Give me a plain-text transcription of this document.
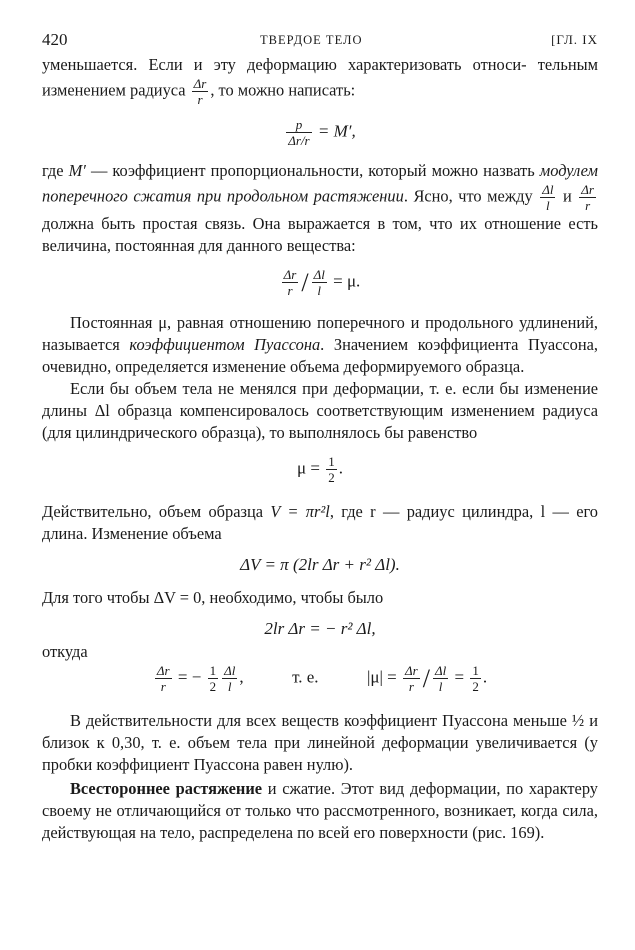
420	ТВЕРДОЕ ТЕЛО	[ГЛ. IX

уменьшается. Если и эту деформацию характеризовать относи- тельным изменением радиуса $\frac{\Delta r}{r}$ , то можно написать:

$\frac{p}{\Delta r/r} = M'$,

где M′ — коэффициент пропорциональности, который можно назвать модулем поперечного сжатия при продольном растяжении. Ясно, что между $\frac{\Delta l}{l}$ и $\frac{\Delta r}{r}$
должна быть простая связь. Она выражается в том, что их отношение есть величина, постоянная для данного вещества:

$\frac{\Delta r}{r} / \frac{\Delta l}{l} = \mu$.

Постоянная μ, равная отношению поперечного и продольного удлинений, называется коэффициентом Пуассона. Значением коэффициента Пуассона, очевидно, определяется изменение объема деформируемого образца.

Если бы объем тела не менялся при деформации, т. е. если бы изменение длины Δl образца компенсировалось соответствующим изменением радиуса (для цилиндрического образца), то выполнялось бы равенство

$\mu = \frac{1}{2}$ .

Действительно, объем образца V = πr²l, где r — радиус цилиндра, l — его длина. Изменение объема

ΔV = π (2lr Δr + r² Δl).

Для того чтобы ΔV = 0, необходимо, чтобы было

2lr Δr = − r² Δl,

откуда

$\frac{\Delta r}{r}$ = − $\frac{1}{2} \frac{\Delta l}{l}$ ,	т. е.	$|\mu| = \frac{\Delta r}{r} / \frac{\Delta l}{l} = \frac{1}{2}$ .

В действительности для всех веществ коэффициент Пуассона меньше ½ и близок к 0,30, т. е. объем тела при линейной деформации увеличивается (у пробки коэффициент Пуассона равен нулю).

Всестороннее растяжение и сжатие. Этот вид деформации, по характеру своему не отличающийся от только что рассмотренного, возникает, когда сила, действующая на тело, распределена по всей его поверхности (рис. 169).
